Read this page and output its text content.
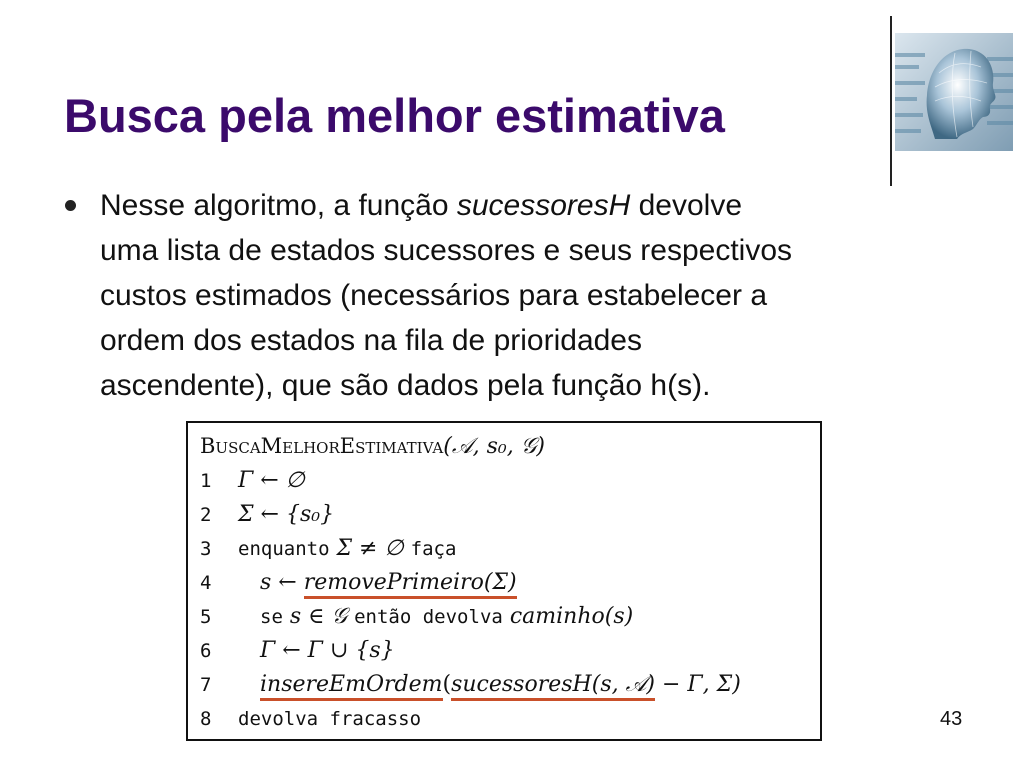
Busca pela melhor estimativa
Nesse algoritmo, a função sucessoresH devolve
uma lista de estados sucessores e seus respectivos
custos estimados (necessários para estabelecer a
ordem dos estados na fila de prioridades
ascendente), que são dados pela função h(s).
BuscaMelhorEstimativa(𝒜, s₀, 𝒢)
1 Γ ← ∅
2 Σ ← {s₀}
3 enquanto Σ ≠ ∅ faça
4 s ← removePrimeiro(Σ)
5	se s ∈ 𝒢 então devolva caminho(s)
6 Γ ← Γ ∪ {s}
7 insereEmOrdem(sucessoresH(s, 𝒜) − Γ, Σ)
8 devolva fracasso	43
